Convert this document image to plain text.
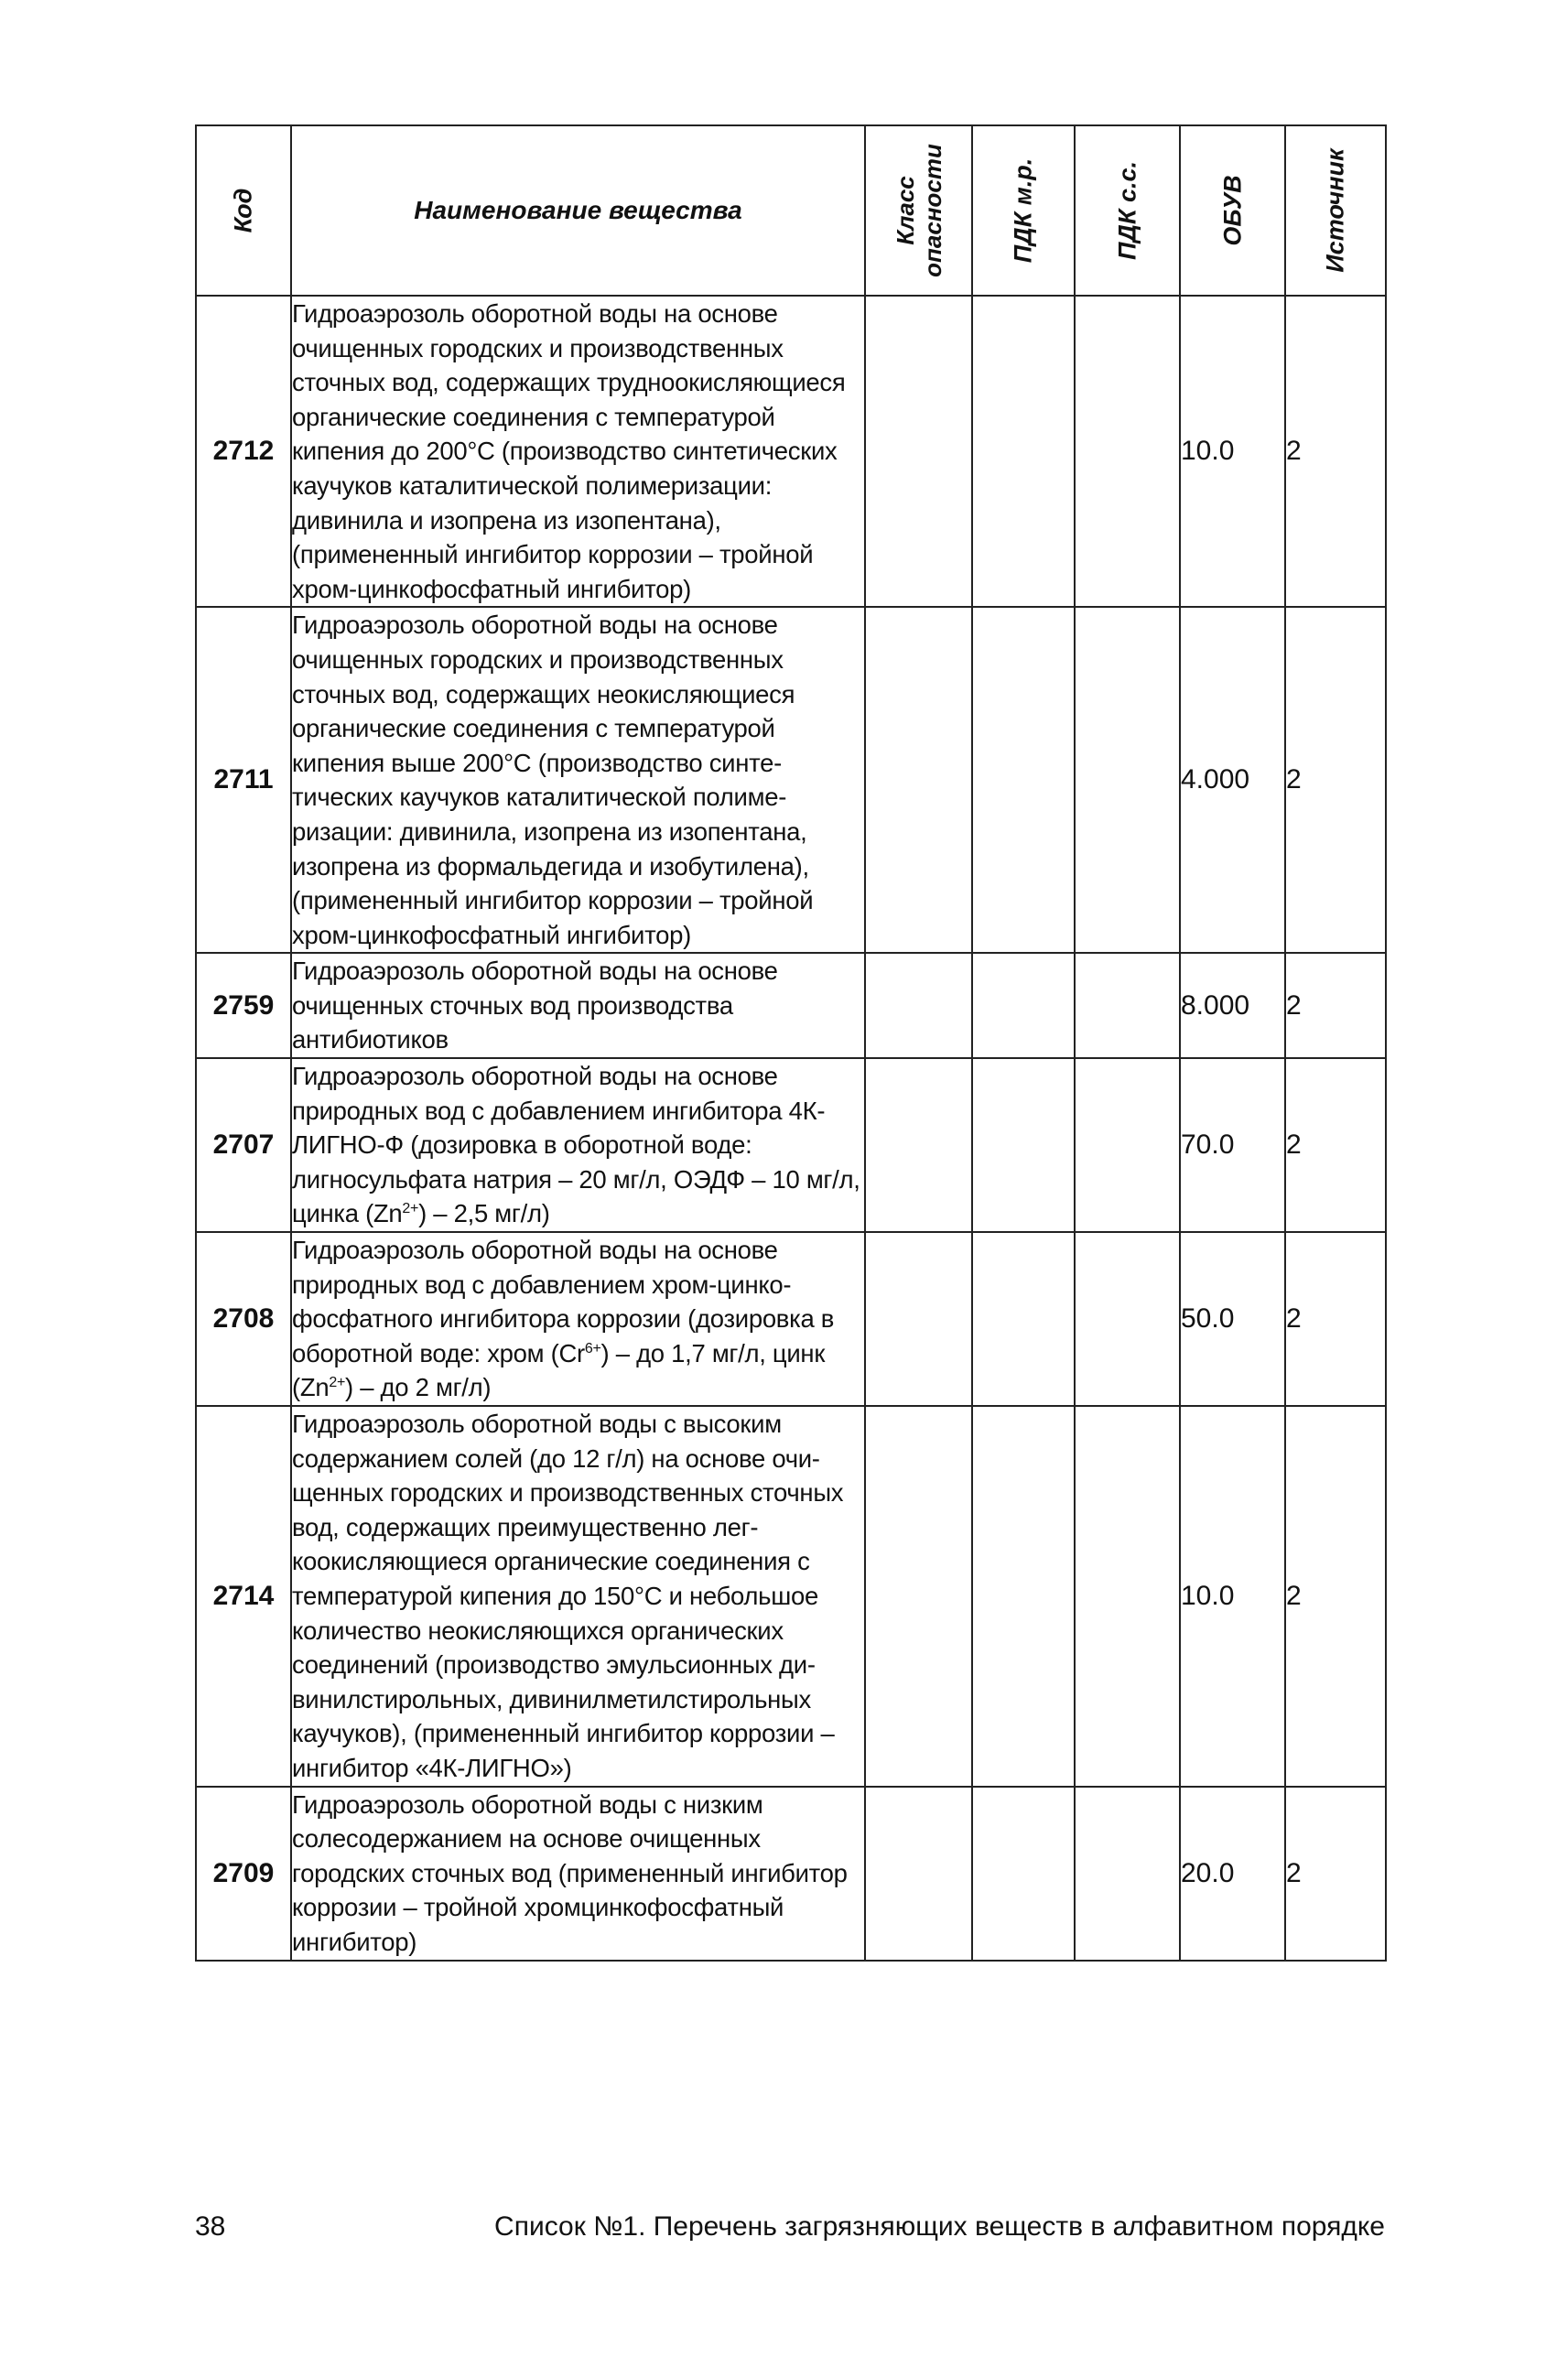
Код	Наименование вещества	Класс опасности	ПДК м.р.	ПДК с.с.	ОБУВ	Источник

2712	Гидроаэрозоль оборотной воды на основе очищенных городских и производственных сточных вод, содержащих трудноокисляющиеся органические соединения с температурой кипения до 200°С (производство синтетических каучуков каталитической полимеризации: дивинила и изопрена из изопентана), (примененный ингибитор коррозии – тройной хром-цинкофосфатный ингибитор)				10.0	2
2711	Гидроаэрозоль оборотной воды на основе очищенных городских и производственных сточных вод, содержащих неокисляющиеся органические соединения с температурой кипения выше 200°С (производство синтетических каучуков каталитической полимеризации: дивинила, изопрена из изопентана, изопрена из формальдегида и изобутилена), (примененный ингибитор коррозии – тройной хром-цинкофосфатный ингибитор)				4.000	2
2759	Гидроаэрозоль оборотной воды на основе очищенных сточных вод производства антибиотиков				8.000	2
2707	Гидроаэрозоль оборотной воды на основе природных вод с добавлением ингибитора 4К-ЛИГНО-Ф (дозировка в оборотной воде: лигносульфата натрия – 20 мг/л, ОЭДФ – 10 мг/л, цинка $(Zn^{2+}) - 2,5$ мг/л)				70.0	2
2708	Гидроаэрозоль оборотной воды на основе природных вод с добавлением хром-цинкофосфатного ингибитора коррозии (дозировка в оборотной воде: хром $(Cr^{6+})$ – до 1,7 мг/л, цинк $(Zn^{2+})$ – до 2 мг/л)				50.0	2
2714	Гидроаэрозоль оборотной воды с высоким содержанием солей (до 12 г/л) на основе очищенных городских и производственных сточных вод, содержащих преимущественно легкоокисляющиеся органические соединения с температурой кипения до 150°С и небольшое количество неокисляющихся органических соединений (производство эмульсионных дивинилстирольных, дивинилметилстирольных каучуков), (примененный ингибитор коррозии – ингибитор «4К-ЛИГНО»)				10.0	2
2709	Гидроаэрозоль оборотной воды с низким солесодержанием на основе очищенных городских сточных вод (примененный ингибитор коррозии – тройной хромцинкофосфатный ингибитор)				20.0	2
38	Список №1. Перечень загрязняющих веществ в алфавитном порядке
